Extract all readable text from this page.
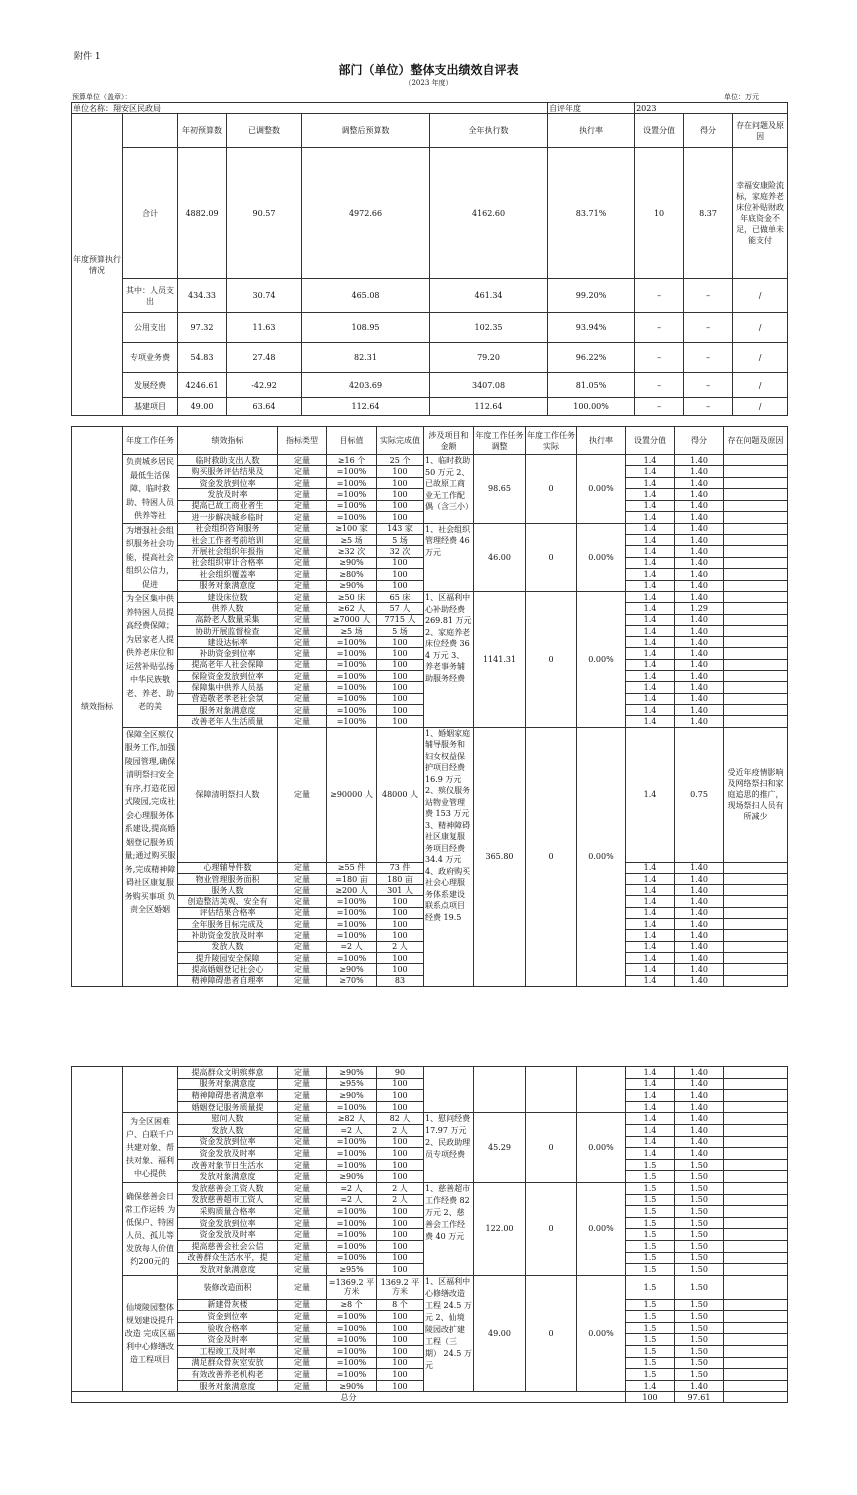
附件 1
部门（单位）整体支出绩效自评表
（2023 年度）
预算单位（盖章）：	单位：万元
单位名称：翔安区民政局						自评年度	2023		
年度预算执行情况		年初预算数	已调整数	调整后预算数	全年执行数	执行率	设置分值	得分	存在问题及原因
	合计	4882.09	90.57	4972.66	4162.60	83.71%	10	8.37	幸福安康险流标，家庭养老床位补贴财政年底资金不足，已做单未能支付
	其中：人员支出	434.33	30.74	465.08	461.34	99.20%	–	–	/
	公用支出	97.32	11.63	108.95	102.35	93.94%	–	–	/
	专项业务费	54.83	27.48	82.31	79.20	96.22%	–	–	/
	发展经费	4246.61	-42.92	4203.69	3407.08	81.05%	–	–	/
	基建项目	49.00	63.64	112.64	112.64	100.00%	–	–	/
绩效指标	年度工作任务	绩效指标	指标类型	目标值	实际完成值	涉及项目和金额	年度工作任务调整	年度工作任务实际	执行率	设置分值	得分	存在问题及原因
	负责城乡居民最低生活保障、临时救助、特困人员供养等社	临时救助支出人数	定量	≥16 个	25 个	1、临时救助 50 万元 2、已故原工商业无工作配偶（含三小）	98.65	0	0.00%	1.4	1.40	
		购买服务评估结果及	定量	=100%	100					1.4	1.40	
		资金发放到位率	定量	=100%	100					1.4	1.40	
		发放及时率	定量	=100%	100					1.4	1.40	
		提高已故工商业者生	定量	=100%	100					1.4	1.40	
		进一步解决城乡临时	定量	=100%	100					1.4	1.40	
	为增强社会组织服务社会功能，提高社会组织公信力，促进	社会组织咨询服务	定量	≥100 家	143 家	1、社会组织管理经费 46 万元	46.00	0	0.00%	1.4	1.40	
		社会工作者考前培训	定量	≥5 场	5 场					1.4	1.40	
		开展社会组织年报指	定量	≥32 次	32 次					1.4	1.40	
		社会组织审计合格率	定量	≥90%	100					1.4	1.40	
		社会组织覆盖率	定量	≥80%	100					1.4	1.40	
		服务对象满意度	定量	≥90%	100					1.4	1.40	
	为全区集中供养特困人员提高经费保障；为居家老人提供养老床位和运营补贴弘扬中华民族敬老、养老、助老的美	建设床位数	定量	≥50 床	65 床	1、区福利中心补助经费 269.81 万元 2、家庭养老床位经费 364 万元 3、养老事务辅助服务经费	1141.31	0	0.00%	1.4	1.40	
		供养人数	定量	≥62 人	57 人					1.4	1.29	
		高龄老人数量采集	定量	≥7000 人	7715 人					1.4	1.40	
		协助开展监督检查	定量	≥5 场	5 场					1.4	1.40	
		建设达标率	定量	=100%	100					1.4	1.40	
		补助资金到位率	定量	=100%	100					1.4	1.40	
		提高老年人社会保障	定量	=100%	100					1.4	1.40	
		保险资金发放到位率	定量	=100%	100					1.4	1.40	
		保障集中供养人员基	定量	=100%	100					1.4	1.40	
		营造敬老孝老社会氛	定量	=100%	100					1.4	1.40	
		服务对象满意度	定量	=100%	100					1.4	1.40	
		改善老年人生活质量	定量	=100%	100					1.4	1.40	
	保障全区殡仪服务工作,加强陵园管理,确保清明祭扫安全有序,打造花园式陵园,完成社会心理服务体系建设,提高婚姻登记服务质量;通过购买服务,完成精神障碍社区康复服务购买事项 负责全区婚姻	保障清明祭扫人数	定量	≥90000 人	48000 人	1、婚姻家庭辅导服务和妇女权益保护项目经费 16.9 万元 2、殡仪服务站物业管理费 153 万元 3、精神障碍社区康复服务项目经费 34.4 万元 4、政府购买社会心理服务体系建设联系点项目经费 19.5	365.80	0	0.00%	1.4	0.75	受近年疫情影响及网络祭扫和家庭追思的推广，现场祭扫人员有所减少
		心理辅导件数	定量	≥55 件	73 件					1.4	1.40	
		物业管理服务面积	定量	=180 亩	180 亩					1.4	1.40	
		服务人数	定量	≥200 人	301 人					1.4	1.40	
		创造整洁美观、安全有	定量	=100%	100					1.4	1.40	
		评估结果合格率	定量	=100%	100					1.4	1.40	
		全年服务目标完成及	定量	=100%	100					1.4	1.40	
		补助资金发放及时率	定量	=100%	100					1.4	1.40	
		发放人数	定量	=2 人	2 人					1.4	1.40	
		提升陵园安全保障	定量	=100%	100					1.4	1.40	
		提高婚姻登记社会心	定量	≥90%	100					1.4	1.40	
		精神障碍患者自理率	定量	≥70%	83					1.4	1.40	
		提高群众文明殡葬意	定量	≥90%	90					1.4	1.40	
		服务对象满意度	定量	≥95%	100					1.4	1.40	
		精神障碍患者满意率	定量	≥90%	100					1.4	1.40	
		婚姻登记服务质量提	定量	=100%	100					1.4	1.40	
	为全区困难户、白联千户共建对象、帮扶对象、福利中心提供	慰问人数	定量	≥82 人	82 人	1、慰问经费 17.97 万元 2、民政助理员专项经费	45.29	0	0.00%	1.4	1.40	
		发放人数	定量	=2 人	2 人					1.4	1.40	
		资金发放到位率	定量	=100%	100					1.4	1.40	
		资金发放及时率	定量	=100%	100					1.4	1.40	
		改善对象节日生活水	定量	=100%	100					1.5	1.50	
		发放对象满意度	定量	≥90%	100					1.5	1.50	
	确保慈善会日常工作运转 为低保户、特困人员、孤儿等发放每人价值约200元的	发放慈善会工资人数	定量	=2 人	2 人	1、慈善超市工作经费 82 万元 2、慈善会工作经费 40 万元	122.00	0	0.00%	1.5	1.50	
		发放慈善超市工资人	定量	=2 人	2 人					1.5	1.50	
		采购质量合格率	定量	=100%	100					1.5	1.50	
		资金发放到位率	定量	=100%	100					1.5	1.50	
		资金发放及时率	定量	=100%	100					1.5	1.50	
		提高慈善会社会公信	定量	=100%	100					1.5	1.50	
		改善群众生活水平，提	定量	=100%	100					1.5	1.50	
		发放对象满意度	定量	≥95%	100					1.5	1.50	
	仙境陵园整体规划建设提升改造 完成区福利中心修缮改造工程项目	装修改造面积	定量	=1369.2 平方米	1369.2 平方米	1、区福利中心修缮改造工程 24.5 万元 2、仙境陵园改扩建工程（三期） 24.5 万元	49.00	0	0.00%	1.5	1.50	
		新建骨灰楼	定量	≥8 个	8 个					1.5	1.50	
		资金到位率	定量	=100%	100					1.5	1.50	
		验收合格率	定量	=100%	100					1.5	1.50	
		资金及时率	定量	=100%	100					1.5	1.50	
		工程竣工及时率	定量	=100%	100					1.5	1.50	
		满足群众骨灰室安放	定量	=100%	100					1.5	1.50	
		有效改善养老机构老	定量	=100%	100					1.5	1.50	
		服务对象满意度	定量	≥90%	100					1.4	1.40	
总分										100	97.61	
